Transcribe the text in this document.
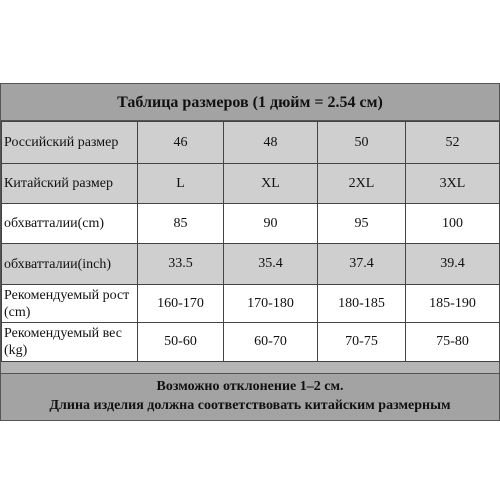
Таблица размеров (1 дюйм = 2.54 см)
Российский размер	46	48	50	52
Китайский размер	L	XL	2XL	3XL
обхватталии(cm)	85	90	95	100
обхватталии(inch)	33.5	35.4	37.4	39.4
Рекомендуемый рост(cm)	160-170	170-180	180-185	185-190
Рекомендуемый вес (kg)	50-60	60-70	70-75	75-80
Возможно отклонение 1–2 см.
Длина изделия должна соответствовать китайским размерным
